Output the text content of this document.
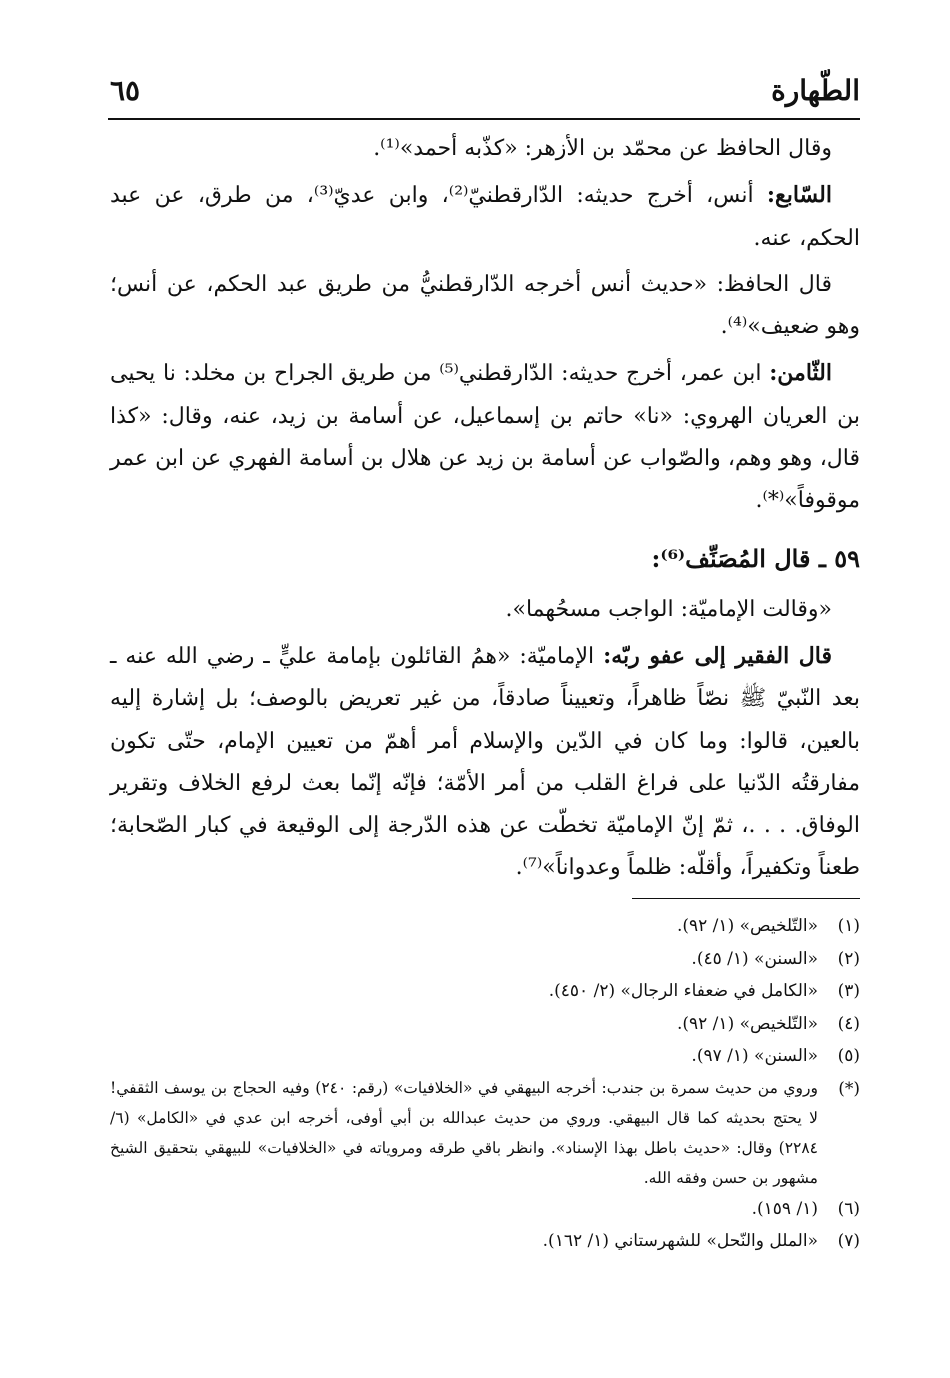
الطّهارة
٦٥

وقال الحافظ عن محمّد بن الأزهر: «كذّبه أحمد»⁽¹⁾.

السّابع: أنس، أخرج حديثه: الدّارقطنيّ⁽²⁾، وابن عديّ⁽³⁾، من طرق، عن عبد الحكم، عنه.

قال الحافظ: «حديث أنس أخرجه الدّارقطنيُّ من طريق عبد الحكم، عن أنس؛ وهو ضعيف»⁽⁴⁾.

الثّامن: ابن عمر، أخرج حديثه: الدّارقطني⁽⁵⁾ من طريق الجراح بن مخلد: نا يحيى بن العريان الهروي: «نا» حاتم بن إسماعيل، عن أسامة بن زيد، عنه، وقال: «كذا قال، وهو وهم، والصّواب عن أسامة بن زيد عن هلال بن أسامة الفهري عن ابن عمر موقوفاً»⁽*⁾.

٥٩ ـ قال المُصَنِّف⁽⁶⁾:

«وقالت الإماميّة: الواجب مسحُهما».

قال الفقير إلى عفو ربّه: الإماميّة: «همُ القائلون بإمامة عليٍّ ـ رضي الله عنه ـ بعد النّبيّ ﷺ نصّاً ظاهراً، وتعييناً صادقاً، من غير تعريض بالوصف؛ بل إشارة إليه بالعين، قالوا: وما كان في الدّين والإسلام أمر أهمّ من تعيين الإمام، حتّى تكون مفارقتُه الدّنيا على فراغ القلب من أمر الأمّة؛ فإنّه إنّما بعث لرفع الخلاف وتقرير الوفاق. . . .، ثمّ إنّ الإماميّة تخطّت عن هذه الدّرجة إلى الوقيعة في كبار الصّحابة؛ طعناً وتكفيراً، وأقلّه: ظلماً وعدواناً»⁽⁷⁾.

(١)
«التّلخيص» (١/ ٩٢).
(٢)
«السنن» (١/ ٤٥).
(٣)
«الكامل في ضعفاء الرجال» (٢/ ٤٥٠).
(٤)
«التّلخيص» (١/ ٩٢).
(٥)
«السنن» (١/ ٩٧).
(*)
وروي من حديث سمرة بن جندب: أخرجه البيهقي في «الخلافيات» (رقم: ٢٤٠) وفيه الحجاج بن يوسف الثقفي! لا يحتج بحديثه كما قال البيهقي. وروي من حديث عبدالله بن أبي أوفى، أخرجه ابن عدي في «الكامل» (٦/ ٢٢٨٤) وقال: «حديث باطل بهذا الإسناد». وانظر باقي طرقه ومروياته في «الخلافيات» للبيهقي بتحقيق الشيخ مشهور بن حسن وفقه الله.
(٦)
(١/ ١٥٩).
(٧)
«الملل والنّحل» للشهرستاني (١/ ١٦٢).
